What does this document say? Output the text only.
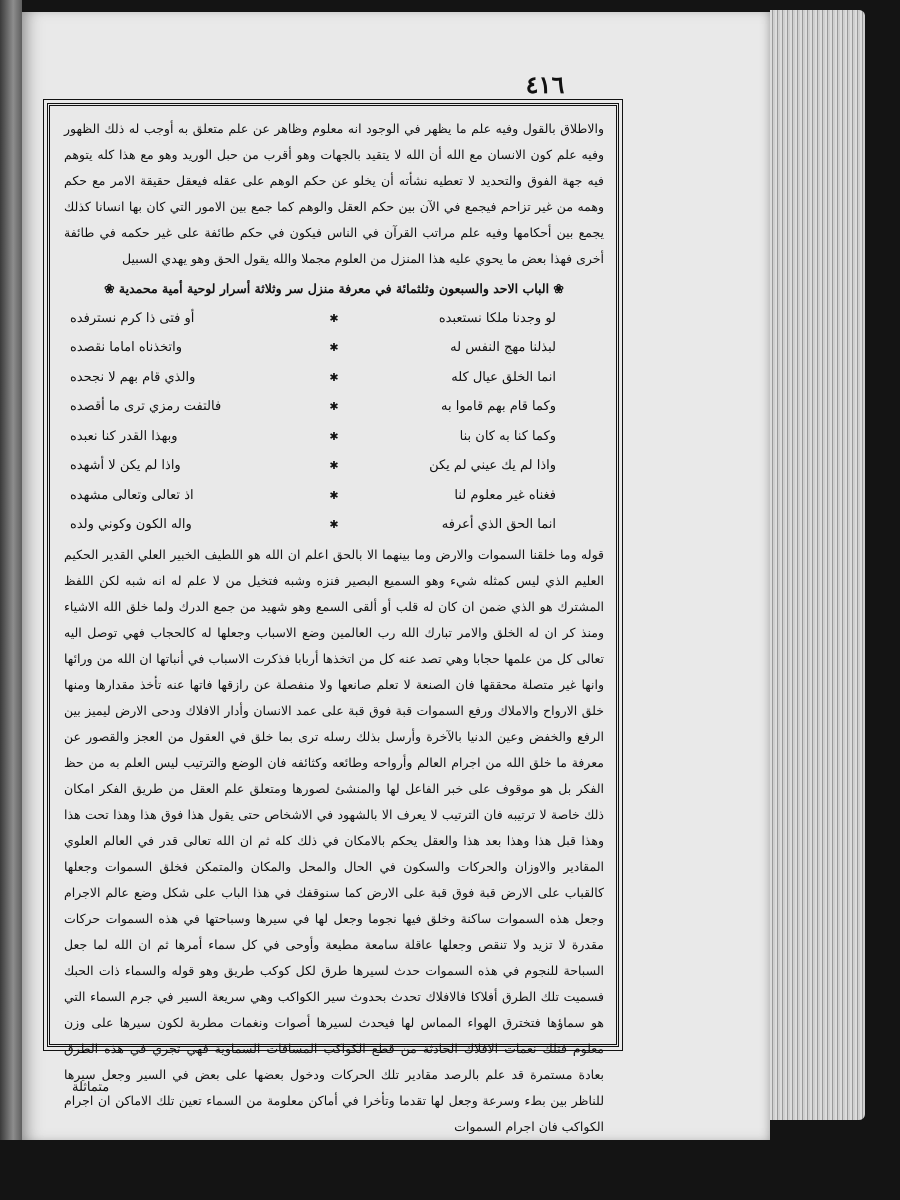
٤١٦

والاطلاق بالقول وفيه علم ما يظهر في الوجود انه معلوم وظاهر عن علم متعلق به أوجب له ذلك الظهور وفيه علم كون الانسان مع الله أن الله لا يتقيد بالجهات وهو أقرب من حبل الوريد وهو مع هذا كله يتوهم فيه جهة الفوق والتحديد لا تعطيه نشأته أن يخلو عن حكم الوهم على عقله فيعقل حقيقة الامر مع حكم وهمه من غير تزاحم فيجمع في الآن بين حكم العقل والوهم كما جمع بين الامور التي كان بها انسانا كذلك يجمع بين أحكامها وفيه علم مراتب القرآن في الناس فيكون في حكم طائفة على غير حكمه في طائفة أخرى فهذا بعض ما يحوي عليه هذا المنزل من العلوم مجملا والله يقول الحق وهو يهدي السبيل

❀ الباب الاحد والسبعون وثلثمائة في معرفة منزل سر وثلاثة أسرار لوحية أمية محمدية ❀
لو وجدنا ملكا نستعبده
✱
أو فتى ذا كرم نسترفده
لبذلنا مهج النفس له
✱
واتخذناه اماما نقصده
انما الخلق عيال كله
✱
والذي قام بهم لا نجحده
وكما قام بهم قاموا به
✱
فالتفت رمزي ترى ما أقصده
وكما كنا به كان بنا
✱
وبهذا القدر كنا نعبده
واذا لم يك عيني لم يكن
✱
واذا لم يكن لا أشهده
فغناه غير معلوم لنا
✱
اذ تعالى وتعالى مشهده
انما الحق الذي أعرفه
✱
واله الكون وكوني ولده

قوله وما خلقنا السموات والارض وما بينهما الا بالحق اعلم ان الله هو اللطيف الخبير العلي القدير الحكيم العليم الذي ليس كمثله شيء وهو السميع البصير فنزه وشبه فتخيل من لا علم له انه شبه لكن اللفظ المشترك هو الذي ضمن ان كان له قلب أو ألقى السمع وهو شهيد من جمع الدرك ولما خلق الله الاشياء ومنذ كر ان له الخلق والامر تبارك الله رب العالمين وضع الاسباب وجعلها له كالحجاب فهي توصل اليه تعالى كل من علمها حجابا وهي تصد عنه كل من اتخذها أربابا فذكرت الاسباب في أنباتها ان الله من ورائها وانها غير متصلة محققها فان الصنعة لا تعلم صانعها ولا منفصلة عن رازقها فاتها عنه تأخذ مقدارها ومنها خلق الارواح والاملاك ورفع السموات قبة فوق قبة على عمد الانسان وأدار الافلاك ودحى الارض ليميز بين الرفع والخفض وعين الدنيا بالآخرة وأرسل بذلك رسله ترى بما خلق في العقول من العجز والقصور عن معرفة ما خلق الله من اجرام العالم وأرواحه وطائعه وكثائفه فان الوضع والترتيب ليس العلم به من حظ الفكر بل هو موقوف على خبر الفاعل لها والمنشئ لصورها ومتعلق علم العقل من طريق الفكر امكان ذلك خاصة لا ترتيبه فان الترتيب لا يعرف الا بالشهود في الاشخاص حتى يقول هذا فوق هذا وهذا تحت هذا وهذا قبل هذا وهذا بعد هذا والعقل يحكم بالامكان في ذلك كله ثم ان الله تعالى قدر في العالم العلوي المقادير والاوزان والحركات والسكون في الحال والمحل والمكان والمتمكن فخلق السموات وجعلها كالقباب على الارض قبة فوق قبة على الارض كما سنوقفك في هذا الباب على شكل وضع عالم الاجرام وجعل هذه السموات ساكنة وخلق فيها نجوما وجعل لها في سيرها وسباحتها في هذه السموات حركات مقدرة لا تزيد ولا تنقص وجعلها عاقلة سامعة مطيعة وأوحى في كل سماء أمرها ثم ان الله لما جعل السباحة للنجوم في هذه السموات حدث لسيرها طرق لكل كوكب طريق وهو قوله والسماء ذات الحبك فسميت تلك الطرق أفلاكا فالافلاك تحدث بحدوث سير الكواكب وهي سريعة السير في جرم السماء التي هو سماؤها فتخترق الهواء المماس لها فيحدث لسيرها أصوات ونغمات مطربة لكون سيرها على وزن معلوم فتلك نغمات الافلاك الحادثة من قطع الكواكب المسافات السماوية فهي تجري في هذه الطرق بعادة مستمرة قد علم بالرصد مقادير تلك الحركات ودخول بعضها على بعض في السير وجعل سيرها للناظر بين بطء وسرعة وجعل لها تقدما وتأخرا في أماكن معلومة من السماء تعين تلك الاماكن ان اجرام الكواكب فان اجرام السموات

متماثلة
